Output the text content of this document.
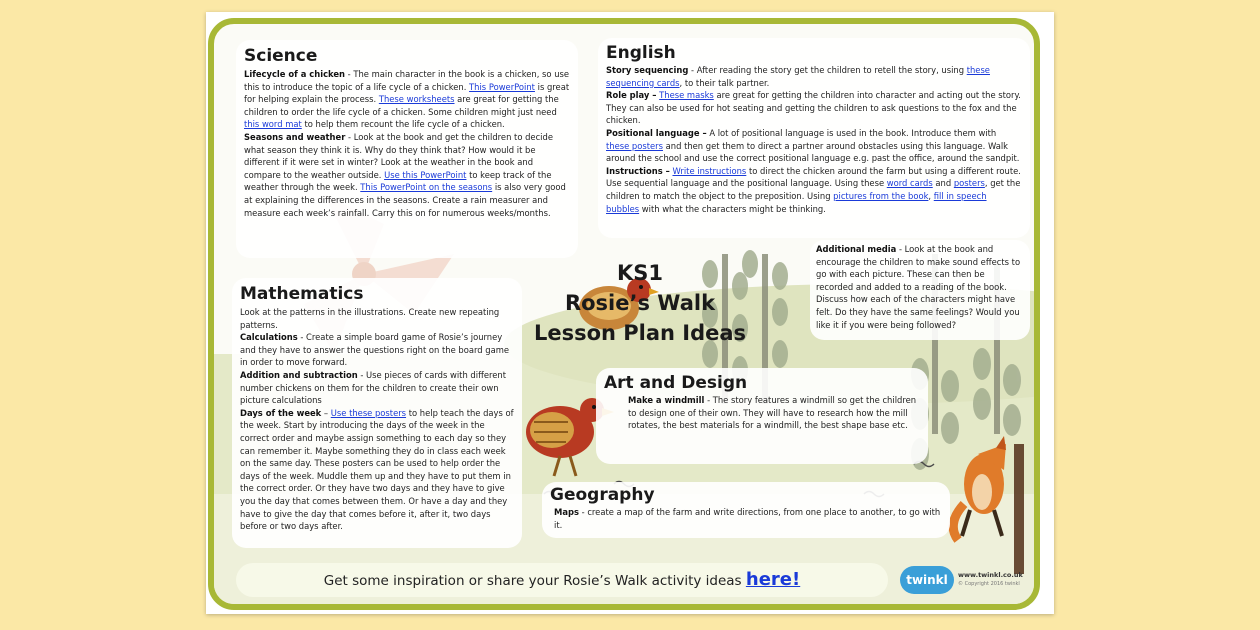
Science

Lifecycle of a chicken - The main character in the book is a chicken, so use this to introduce the topic of a life cycle of a chicken. This PowerPoint is great for helping explain the process. These worksheets are great for getting the children to order the life cycle of a chicken. Some children might just need this word mat to help them recount the life cycle of a chicken.

Seasons and weather - Look at the book and get the children to decide what season they think it is. Why do they think that? How would it be different if it were set in winter? Look at the weather in the book and compare to the weather outside. Use this PowerPoint to keep track of the weather through the week. This PowerPoint on the seasons is also very good at explaining the differences in the seasons. Create a rain measurer and measure each week’s rainfall. Carry this on for numerous weeks/months.

English

Story sequencing - After reading the story get the children to retell the story, using these sequencing cards, to their talk partner.

Role play – These masks are great for getting the children into character and acting out the story. They can also be used for hot seating and getting the children to ask questions to the fox and the chicken.

Positional language – A lot of positional language is used in the book. Introduce them with these posters and then get them to direct a partner around obstacles using this language. Walk around the school and use the correct positional language e.g. past the office, around the sandpit.

Instructions – Write instructions to direct the chicken around the farm but using a different route. Use sequential language and the positional language. Using these word cards and posters, get the children to match the object to the preposition. Using pictures from the book, fill in speech bubbles with what the characters might be thinking.

Additional media - Look at the book and encourage the children to make sound effects to go with each picture. These can then be recorded and added to a reading of the book. Discuss how each of the characters might have felt. Do they have the same feelings? Would you like it if you were being followed?

KS1
Rosie’s Walk
Lesson Plan Ideas
Mathematics

Look at the patterns in the illustrations. Create new repeating patterns.

Calculations - Create a simple board game of Rosie’s journey and they have to answer the questions right on the board game in order to move forward.

Addition and subtraction - Use pieces of cards with different number chickens on them for the children to create their own picture calculations

Days of the week – Use these posters to help teach the days of the week. Start by introducing the days of the week in the correct order and maybe assign something to each day so they can remember it. Maybe something they do in class each week on the same day. These posters can be used to help order the days of the week. Muddle them up and they have to put them in the correct order. Or they have two days and they have to give you the day that comes between them. Or have a day and they have to give the day that comes before it, after it, two days before or two days after.

Art and Design

Make a windmill - The story features a windmill so get the children to design one of their own. They will have to research how the mill rotates, the best materials for a windmill, the best shape base etc.

Geography

Maps - create a map of the farm and write directions, from one place to another, to go with it.

Get some inspiration or share your Rosie’s Walk activity ideas here!	twinkl	www.twinkl.co.uk
© Copyright 2016 twinkl
